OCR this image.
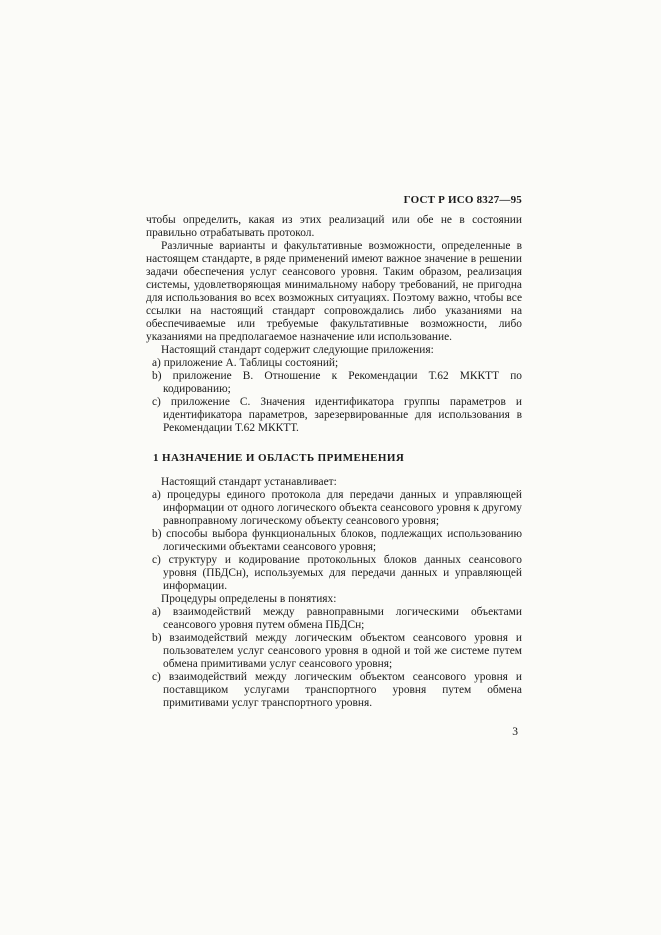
ГОСТ Р ИСО 8327—95

чтобы определить, какая из этих реализаций или обе не в состоянии правильно отрабатывать протокол.

Различные варианты и факультативные возможности, определенные в настоящем стандарте, в ряде применений имеют важное значение в решении задачи обеспечения услуг сеансового уровня. Таким образом, реализация системы, удовлетворяющая минимальному набору требований, не пригодна для использования во всех возможных ситуациях. Поэтому важно, чтобы все ссылки на настоящий стандарт сопровождались либо указаниями на обеспечиваемые или требуемые факультативные возможности, либо указаниями на предполагаемое назначение или использование.

Настоящий стандарт содержит следующие приложения:

a) приложение А. Таблицы состояний;
b) приложение В. Отношение к Рекомендации Т.62 МККТТ по кодированию;
c) приложение С. Значения идентификатора группы параметров и идентификатора параметров, зарезервированные для использования в Рекомендации Т.62 МККТТ.
1 НАЗНАЧЕНИЕ И ОБЛАСТЬ ПРИМЕНЕНИЯ

Настоящий стандарт устанавливает:

a) процедуры единого протокола для передачи данных и управляющей информации от одного логического объекта сеансового уровня к другому равноправному логическому объекту сеансового уровня;
b) способы выбора функциональных блоков, подлежащих использованию логическими объектами сеансового уровня;
c) структуру и кодирование протокольных блоков данных сеансового уровня (ПБДСн), используемых для передачи данных и управляющей информации.

Процедуры определены в понятиях:

a) взаимодействий между равноправными логическими объектами сеансового уровня путем обмена ПБДСн;
b) взаимодействий между логическим объектом сеансового уровня и пользователем услуг сеансового уровня в одной и той же системе путем обмена примитивами услуг сеансового уровня;
c) взаимодействий между логическим объектом сеансового уровня и поставщиком услугами транспортного уровня путем обмена примитивами услуг транспортного уровня.
3
